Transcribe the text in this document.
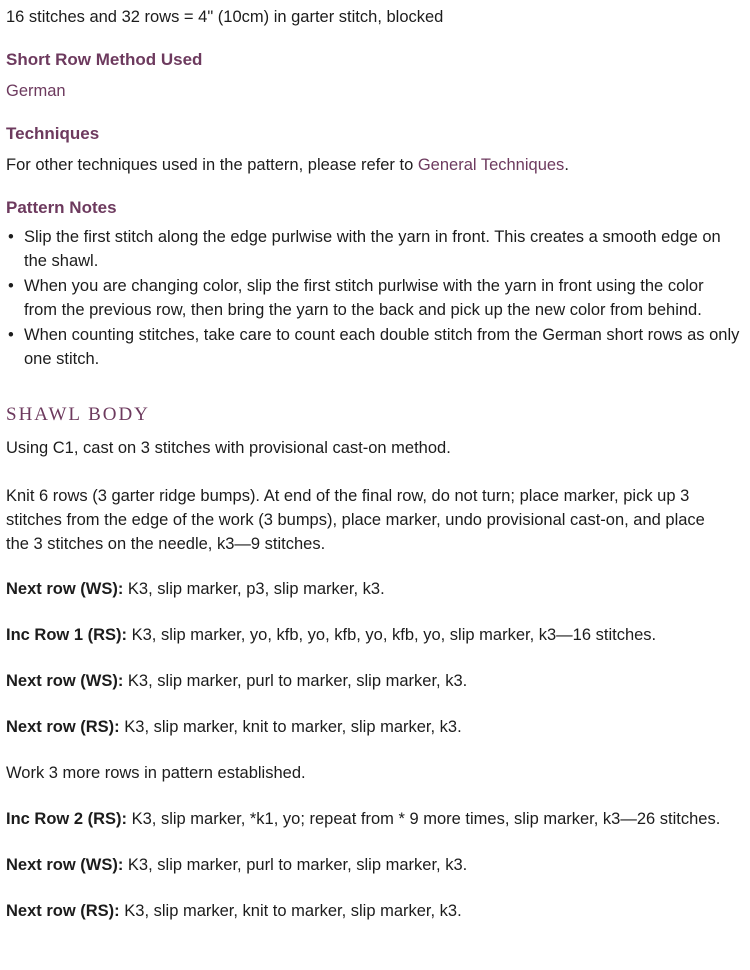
16 stitches and 32 rows = 4" (10cm) in garter stitch, blocked
Short Row Method Used
German
Techniques
For other techniques used in the pattern, please refer to General Techniques.
Pattern Notes
• Slip the first stitch along the edge purlwise with the yarn in front. This creates a smooth edge on the shawl.
• When you are changing color, slip the first stitch purlwise with the yarn in front using the color from the previous row, then bring the yarn to the back and pick up the new color from behind.
• When counting stitches, take care to count each double stitch from the German short rows as only one stitch.
SHAWL BODY
Using C1, cast on 3 stitches with provisional cast-on method.
Knit 6 rows (3 garter ridge bumps). At end of the final row, do not turn; place marker, pick up 3
stitches from the edge of the work (3 bumps), place marker, undo provisional cast-on, and place
the 3 stitches on the needle, k3—9 stitches.
Next row (WS): K3, slip marker, p3, slip marker, k3.
Inc Row 1 (RS): K3, slip marker, yo, kfb, yo, kfb, yo, kfb, yo, slip marker, k3—16 stitches.
Next row (WS): K3, slip marker, purl to marker, slip marker, k3.
Next row (RS): K3, slip marker, knit to marker, slip marker, k3.
Work 3 more rows in pattern established.
Inc Row 2 (RS): K3, slip marker, *k1, yo; repeat from * 9 more times, slip marker, k3—26 stitches.
Next row (WS): K3, slip marker, purl to marker, slip marker, k3.
Next row (RS): K3, slip marker, knit to marker, slip marker, k3.
